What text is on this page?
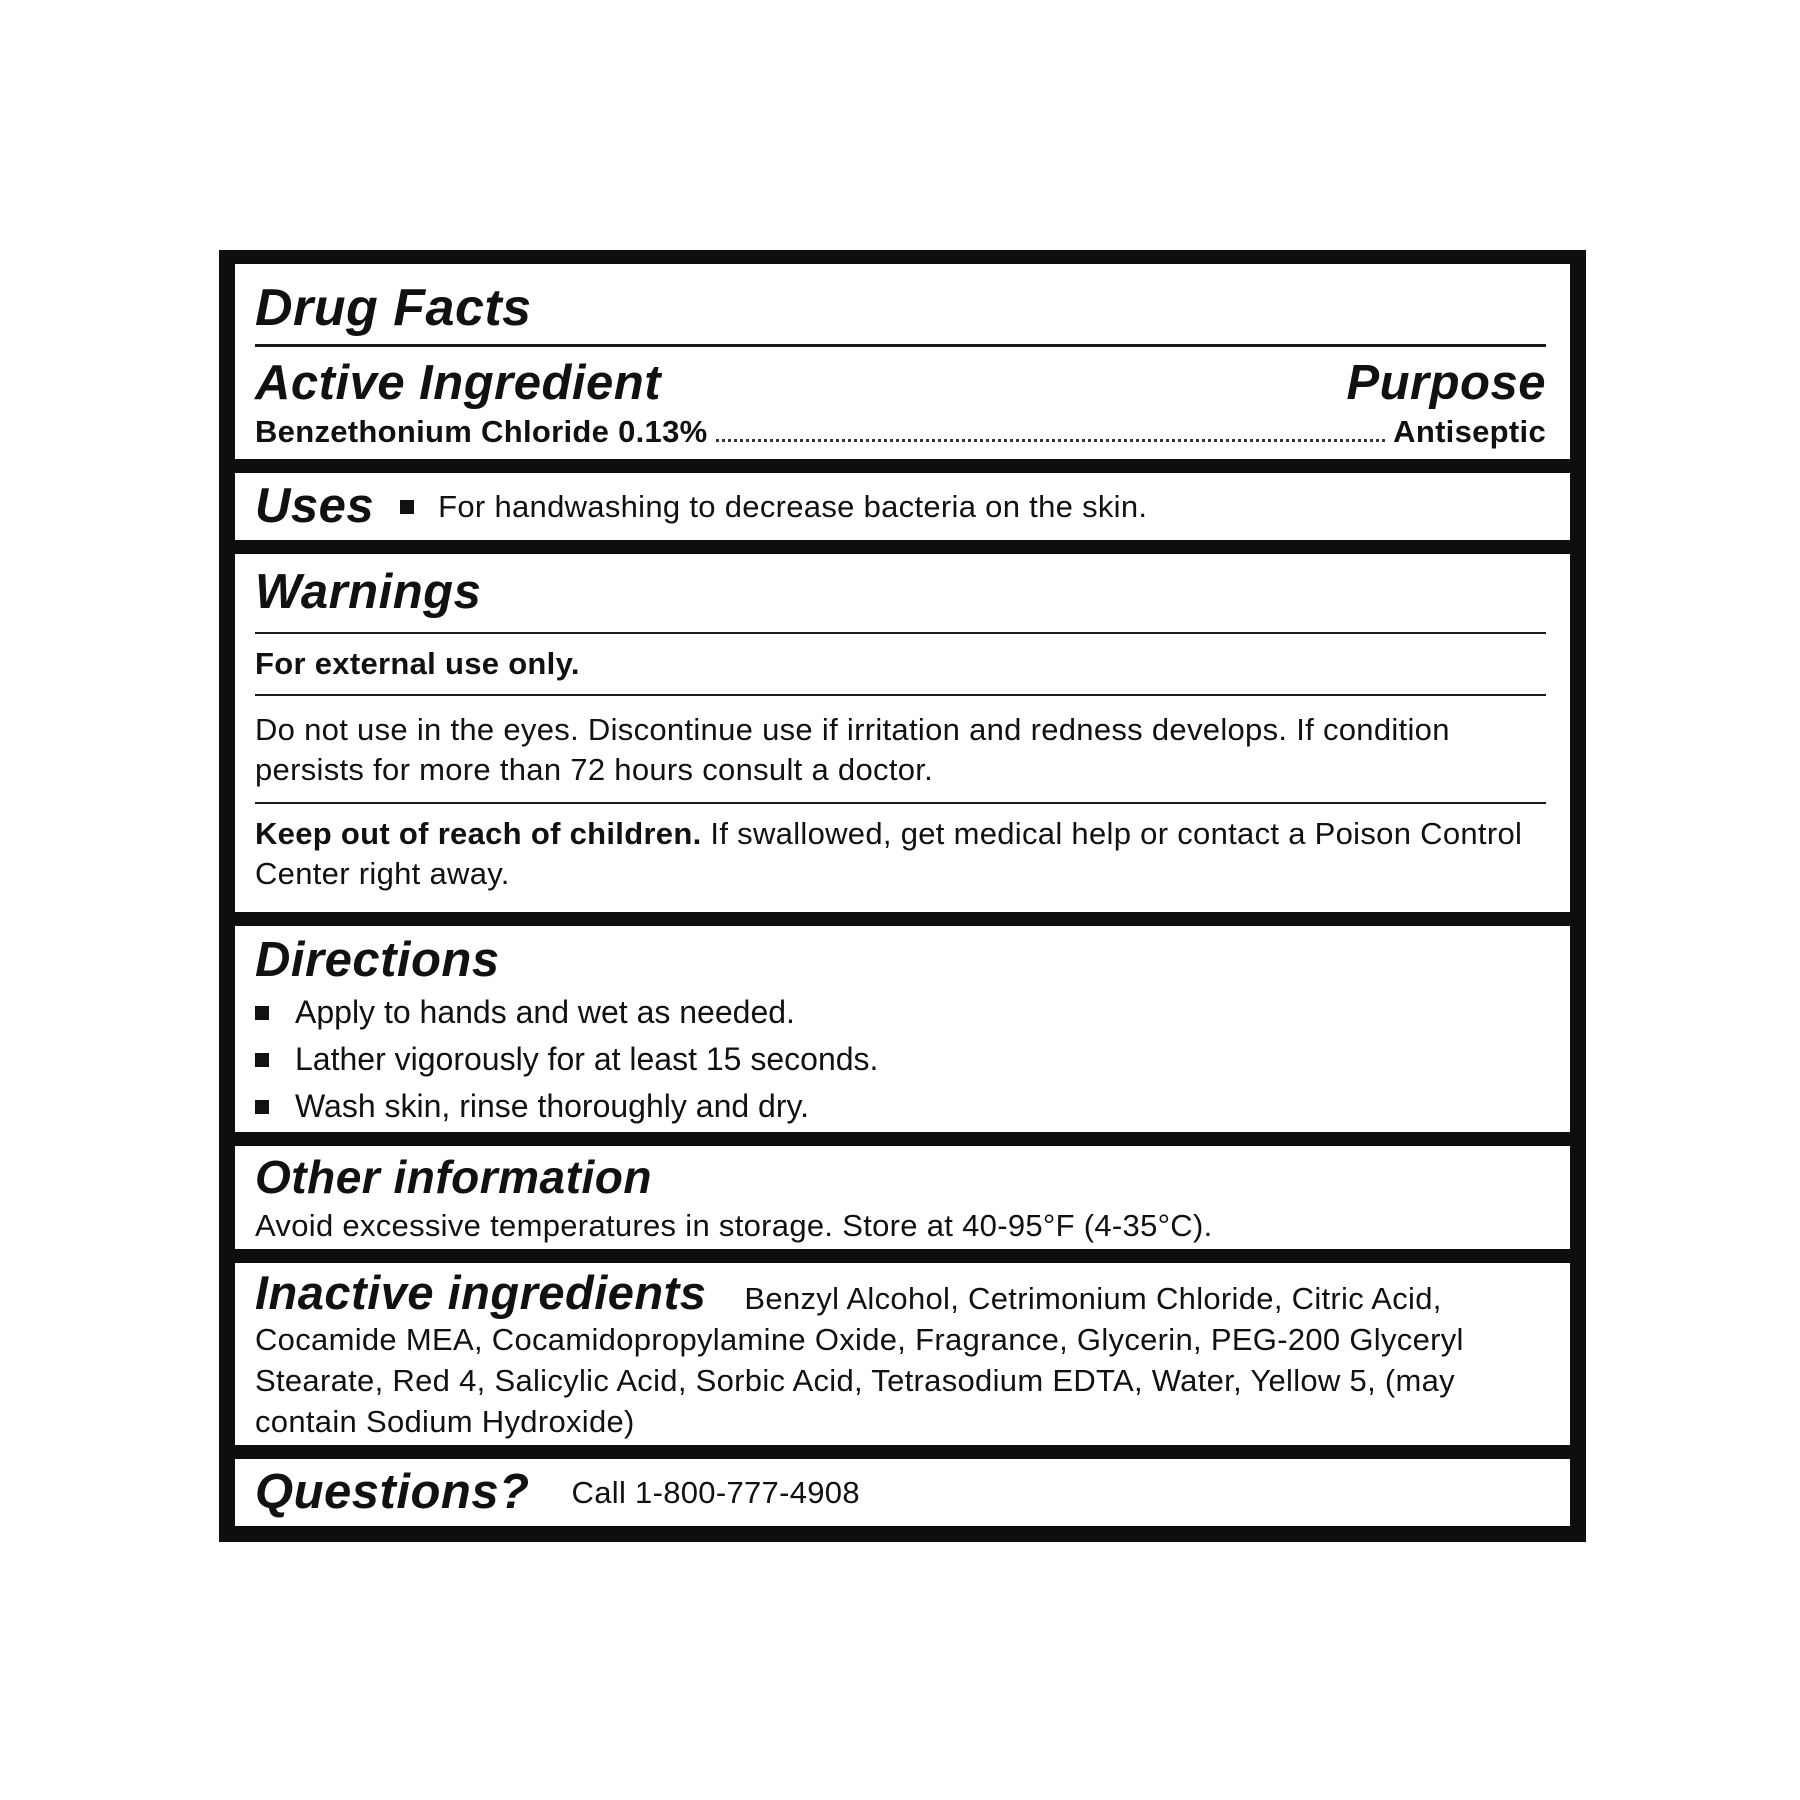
Drug Facts
Active Ingredient	Purpose
Benzethonium Chloride 0.13%	Antiseptic
Uses For handwashing to decrease bacteria on the skin.
Warnings
For external use only.
Do not use in the eyes. Discontinue use if irritation and redness develops. If condition persists for more than 72 hours consult a doctor.
Keep out of reach of children. If swallowed, get medical help or contact a Poison Control Center right away.
Directions
Apply to hands and wet as needed.
Lather vigorously for at least 15 seconds.
Wash skin, rinse thoroughly and dry.
Other information
Avoid excessive temperatures in storage. Store at 40-95°F (4-35°C).
Inactive ingredients Benzyl Alcohol, Cetrimonium Chloride, Citric Acid, Cocamide MEA, Cocamidopropylamine Oxide, Fragrance, Glycerin, PEG-200 Glyceryl Stearate, Red 4, Salicylic Acid, Sorbic Acid, Tetrasodium EDTA, Water, Yellow 5, (may contain Sodium Hydroxide)
Questions? Call 1-800-777-4908
